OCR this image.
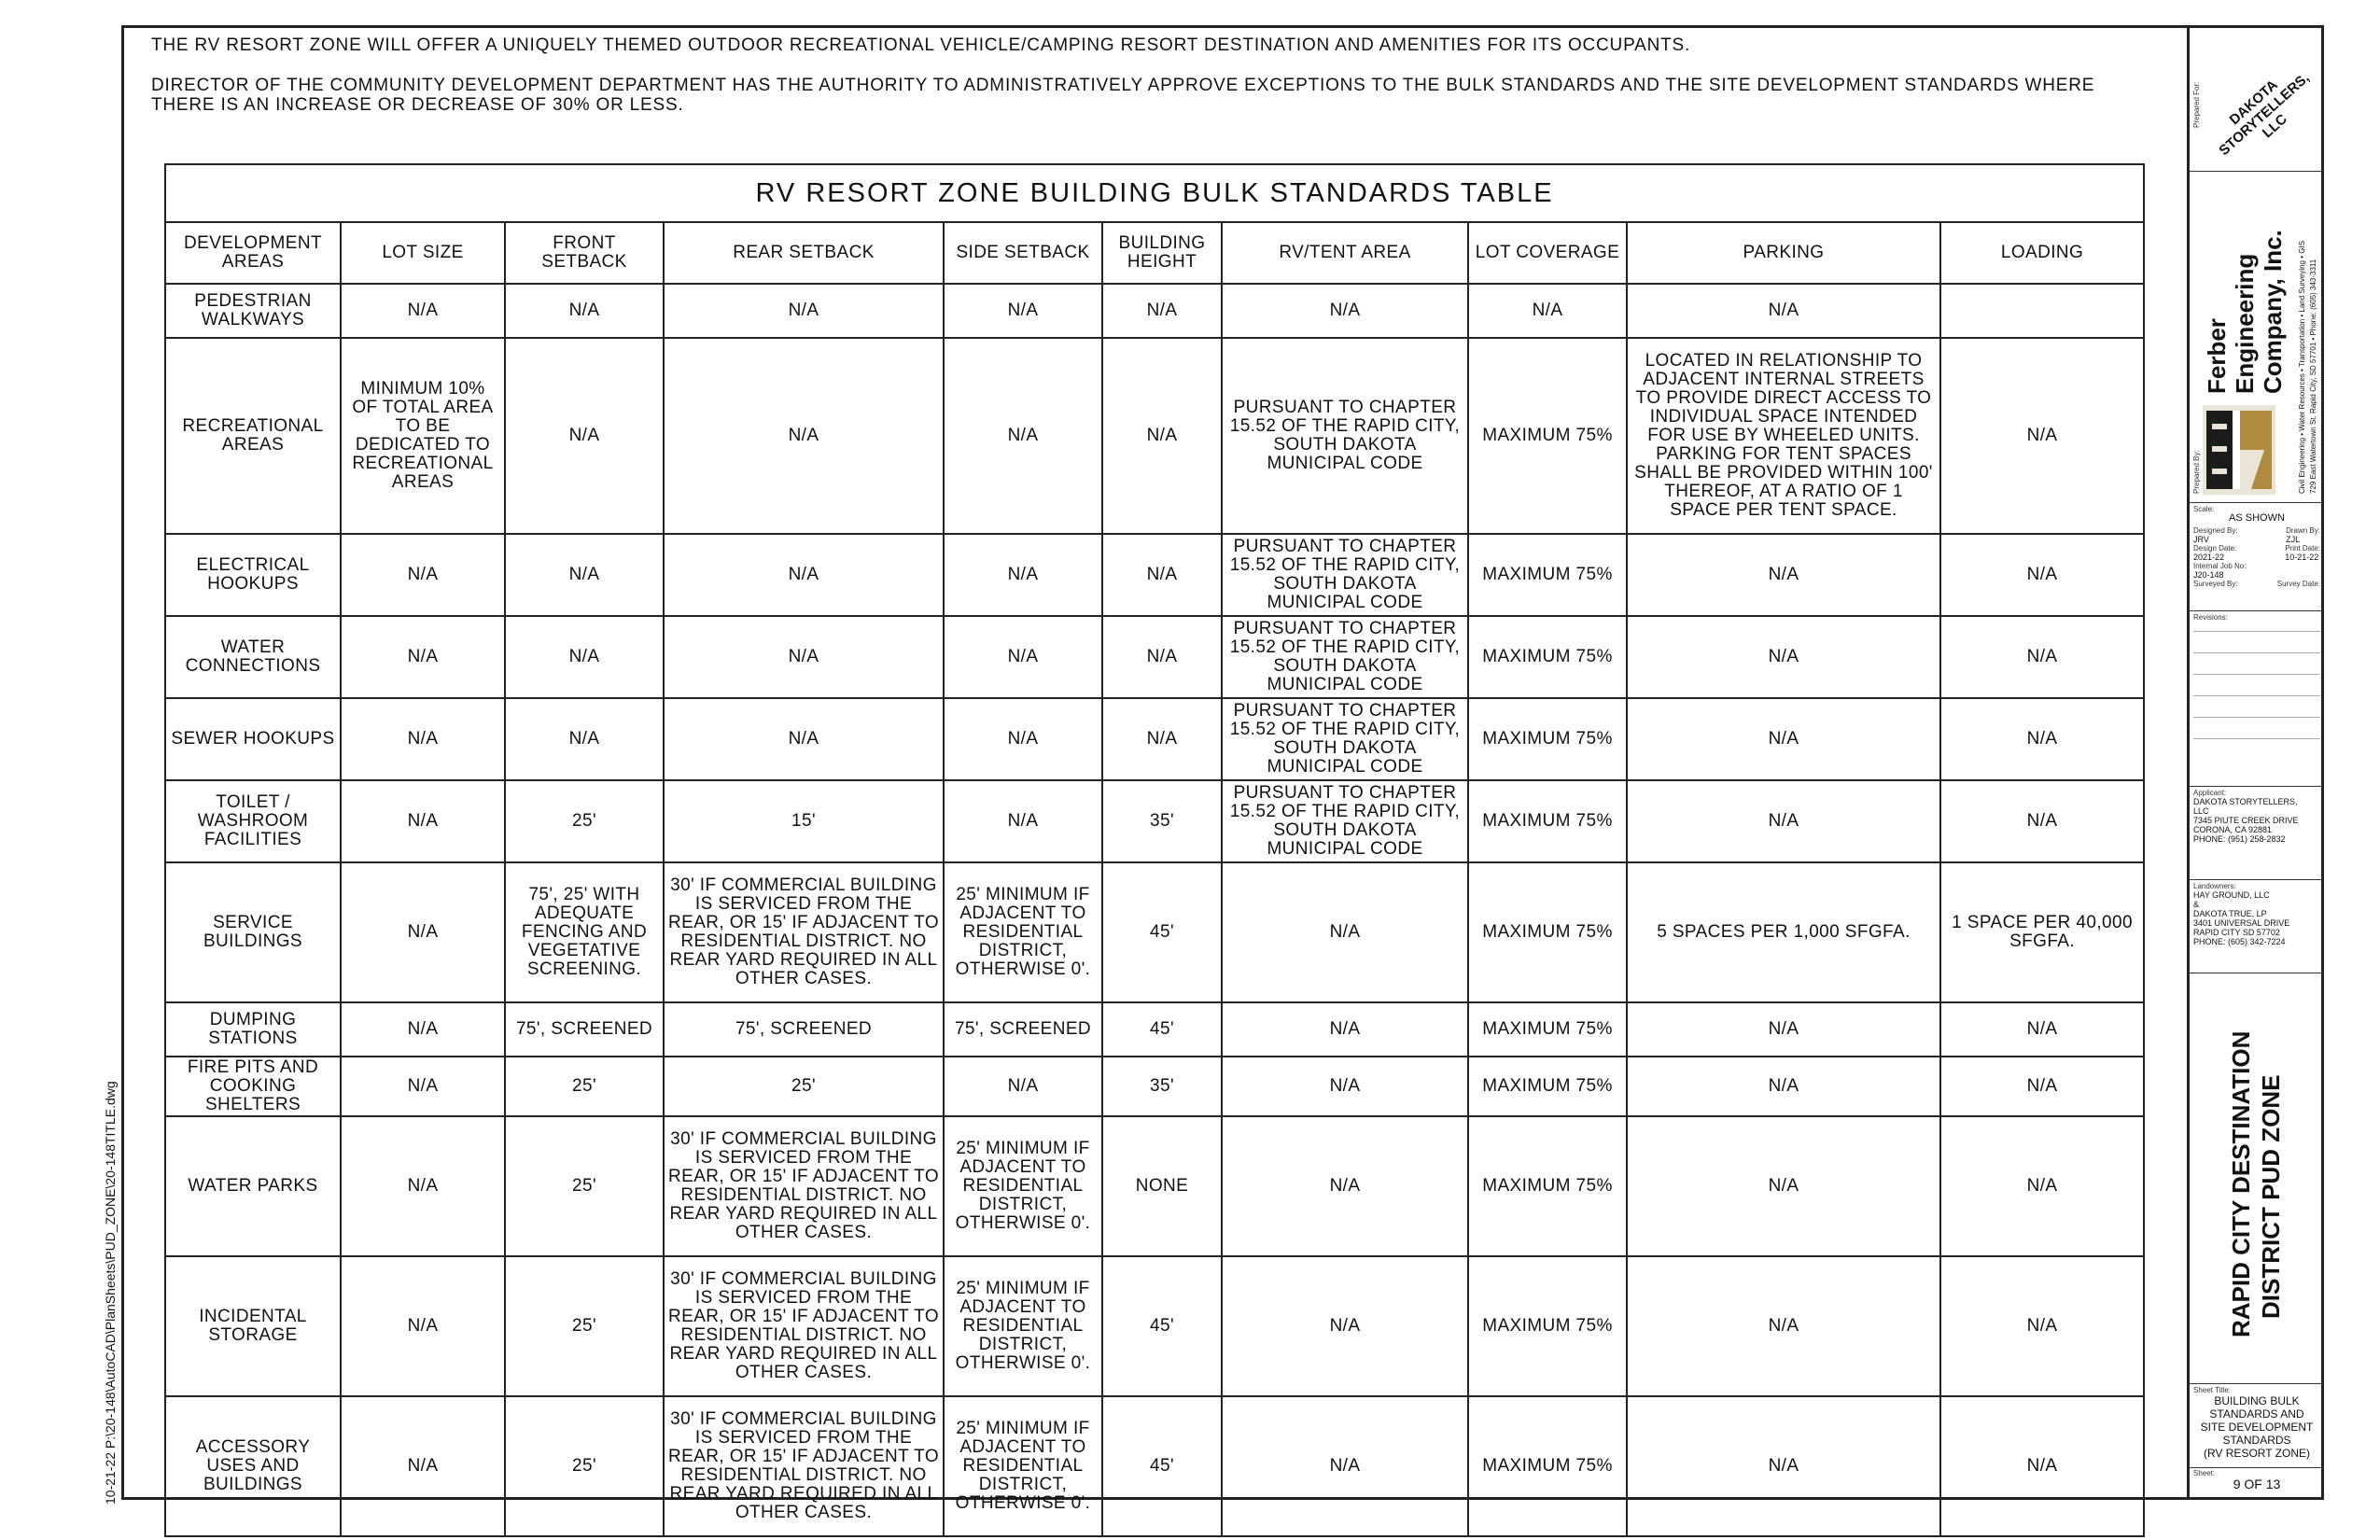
THE RV RESORT ZONE WILL OFFER A UNIQUELY THEMED OUTDOOR RECREATIONAL VEHICLE/CAMPING RESORT DESTINATION AND AMENITIES FOR ITS OCCUPANTS.

DIRECTOR OF THE COMMUNITY DEVELOPMENT DEPARTMENT HAS THE AUTHORITY TO ADMINISTRATIVELY APPROVE EXCEPTIONS TO THE BULK STANDARDS AND THE SITE DEVELOPMENT STANDARDS WHERE THERE IS AN INCREASE OR DECREASE OF 30% OR LESS.

10-21-22 P:\20-148\AutoCAD\PlanSheets\PUD_ZONE\20-148TITLE.dwg
RV RESORT ZONE BUILDING BULK STANDARDS TABLE									
DEVELOPMENT AREAS	LOT SIZE	FRONT SETBACK	REAR SETBACK	SIDE SETBACK	BUILDING HEIGHT	RV/TENT AREA	LOT COVERAGE	PARKING	LOADING
PEDESTRIAN WALKWAYS	N/A	N/A	N/A	N/A	N/A	N/A	N/A	N/A	
RECREATIONAL AREAS	MINIMUM 10% OF TOTAL AREA TO BE DEDICATED TO RECREATIONAL AREAS	N/A	N/A	N/A	N/A	PURSUANT TO CHAPTER 15.52 OF THE RAPID CITY, SOUTH DAKOTA MUNICIPAL CODE	MAXIMUM 75%	LOCATED IN RELATIONSHIP TO ADJACENT INTERNAL STREETS TO PROVIDE DIRECT ACCESS TO INDIVIDUAL SPACE INTENDED FOR USE BY WHEELED UNITS. PARKING FOR TENT SPACES SHALL BE PROVIDED WITHIN 100' THEREOF, AT A RATIO OF 1 SPACE PER TENT SPACE.	N/A
ELECTRICAL HOOKUPS	N/A	N/A	N/A	N/A	N/A	PURSUANT TO CHAPTER 15.52 OF THE RAPID CITY, SOUTH DAKOTA MUNICIPAL CODE	MAXIMUM 75%	N/A	N/A
WATER CONNECTIONS	N/A	N/A	N/A	N/A	N/A	PURSUANT TO CHAPTER 15.52 OF THE RAPID CITY, SOUTH DAKOTA MUNICIPAL CODE	MAXIMUM 75%	N/A	N/A
SEWER HOOKUPS	N/A	N/A	N/A	N/A	N/A	PURSUANT TO CHAPTER 15.52 OF THE RAPID CITY, SOUTH DAKOTA MUNICIPAL CODE	MAXIMUM 75%	N/A	N/A
TOILET / WASHROOM FACILITIES	N/A	25'	15'	N/A	35'	PURSUANT TO CHAPTER 15.52 OF THE RAPID CITY, SOUTH DAKOTA MUNICIPAL CODE	MAXIMUM 75%	N/A	N/A
SERVICE BUILDINGS	N/A	75', 25' WITH ADEQUATE FENCING AND VEGETATIVE SCREENING.	30' IF COMMERCIAL BUILDING IS SERVICED FROM THE REAR, OR 15' IF ADJACENT TO RESIDENTIAL DISTRICT. NO REAR YARD REQUIRED IN ALL OTHER CASES.	25' MINIMUM IF ADJACENT TO RESIDENTIAL DISTRICT, OTHERWISE 0'.	45'	N/A	MAXIMUM 75%	5 SPACES PER 1,000 SFGFA.	1 SPACE PER 40,000 SFGFA.
DUMPING STATIONS	N/A	75', SCREENED	75', SCREENED	75', SCREENED	45'	N/A	MAXIMUM 75%	N/A	N/A
FIRE PITS AND COOKING SHELTERS	N/A	25'	25'	N/A	35'	N/A	MAXIMUM 75%	N/A	N/A
WATER PARKS	N/A	25'	30' IF COMMERCIAL BUILDING IS SERVICED FROM THE REAR, OR 15' IF ADJACENT TO RESIDENTIAL DISTRICT. NO REAR YARD REQUIRED IN ALL OTHER CASES.	25' MINIMUM IF ADJACENT TO RESIDENTIAL DISTRICT, OTHERWISE 0'.	NONE	N/A	MAXIMUM 75%	N/A	N/A
INCIDENTAL STORAGE	N/A	25'	30' IF COMMERCIAL BUILDING IS SERVICED FROM THE REAR, OR 15' IF ADJACENT TO RESIDENTIAL DISTRICT. NO REAR YARD REQUIRED IN ALL OTHER CASES.	25' MINIMUM IF ADJACENT TO RESIDENTIAL DISTRICT, OTHERWISE 0'.	45'	N/A	MAXIMUM 75%	N/A	N/A
ACCESSORY USES AND BUILDINGS	N/A	25'	30' IF COMMERCIAL BUILDING IS SERVICED FROM THE REAR, OR 15' IF ADJACENT TO RESIDENTIAL DISTRICT. NO REAR YARD REQUIRED IN ALL OTHER CASES.	25' MINIMUM IF ADJACENT TO RESIDENTIAL DISTRICT, OTHERWISE 0'.	45'	N/A	MAXIMUM 75%	N/A	N/A
Prepared For:	DAKOTA STORYTELLERS, LLC
Prepared By:
Ferber Engineering Company, Inc. Civil Engineering • Water Resources • Transportation • Land Surveying • GIS 729 East Watertown St. Rapid City, SD 57701 • Phone: (605) 343-3311
Scale:
AS SHOWN
Designed By:
JRV
Drawn By:
ZJL
Design Date:
2021-22
Print Date:
10-21-22
Internal Job No:
J20-148
Surveyed By:	Survey Date:
Revisions:
Applicant:
DAKOTA STORYTELLERS,
LLC
7345 PIUTE CREEK DRIVE
CORONA, CA 92881
PHONE: (951) 258-2832
Landowners:
HAY GROUND, LLC
&
DAKOTA TRUE, LP
3401 UNIVERSAL DRIVE
RAPID CITY SD 57702
PHONE: (605) 342-7224
RAPID CITY DESTINATION DISTRICT PUD ZONE
Sheet Title:
BUILDING BULK
STANDARDS AND
SITE DEVELOPMENT
STANDARDS
(RV RESORT ZONE)
Sheet:
9 OF 13
